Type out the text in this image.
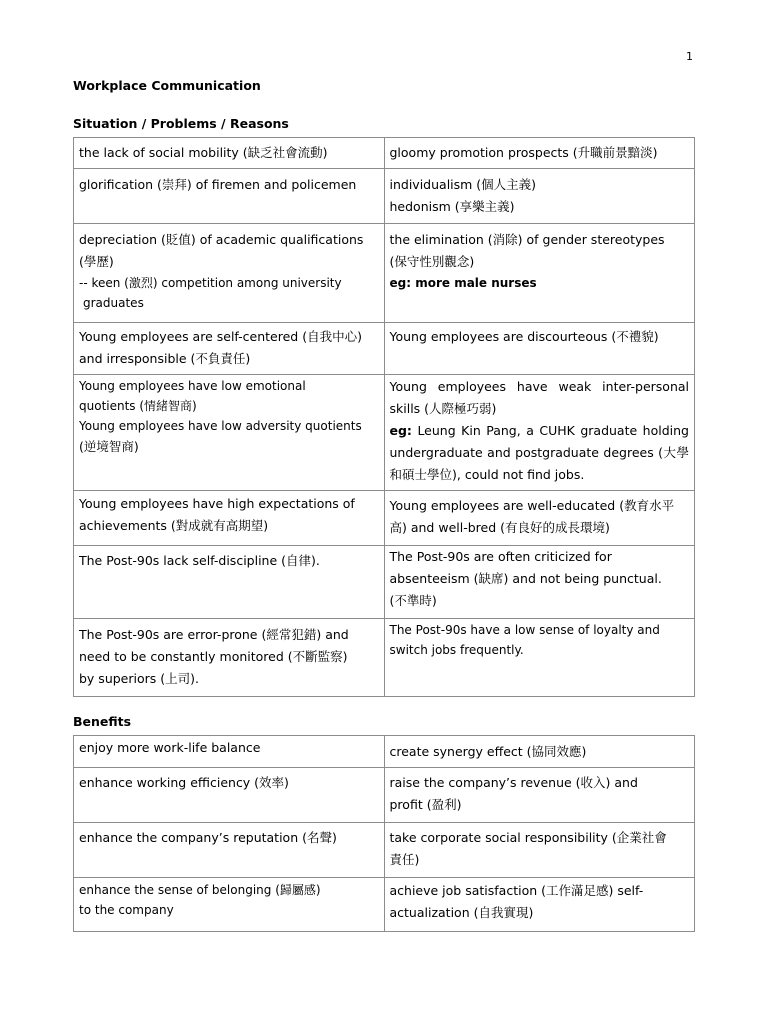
1
Workplace Communication
Situation / Problems / Reasons
the lack of social mobility (缺乏社會流動)	gloomy promotion prospects (升職前景黯淡)

glorification (崇拜) of firemen and policemen	individualism (個人主義)
hedonism (享樂主義)

depreciation (貶值) of academic qualifications
(學歷)
-- keen (激烈) competition among university
graduates	the elimination (消除) of gender stereotypes
(保守性別觀念)
eg: more male nurses

Young employees are self-centered (自我中心)
and irresponsible (不負責任)	Young employees are discourteous (不禮貌)

Young employees have low emotional
quotients (情緒智商)
Young employees have low adversity quotients
(逆境智商)	Young employees have weak inter-personal skills (人際極巧弱)
eg: Leung Kin Pang, a CUHK graduate holding undergraduate and postgraduate degrees (大學和碩士學位), could not find jobs.

Young employees have high expectations of
achievements (對成就有高期望)	Young employees are well-educated (教育水平
高) and well-bred (有良好的成長環境)

The Post-90s lack self-discipline (自律).	The Post-90s are often criticized for
absenteeism (缺席) and not being punctual.
(不準時)

The Post-90s are error-prone (經常犯錯) and
need to be constantly monitored (不斷監察)
by superiors (上司).	The Post-90s have a low sense of loyalty and
switch jobs frequently.
Benefits
enjoy more work-life balance	create synergy effect (協同效應)

enhance working efficiency (效率)	raise the company’s revenue (收入) and
profit (盈利)

enhance the company’s reputation (名聲)	take corporate social responsibility (企業社會
責任)

enhance the sense of belonging (歸屬感)
to the company	achieve job satisfaction (工作滿足感) self-
actualization (自我實現)
